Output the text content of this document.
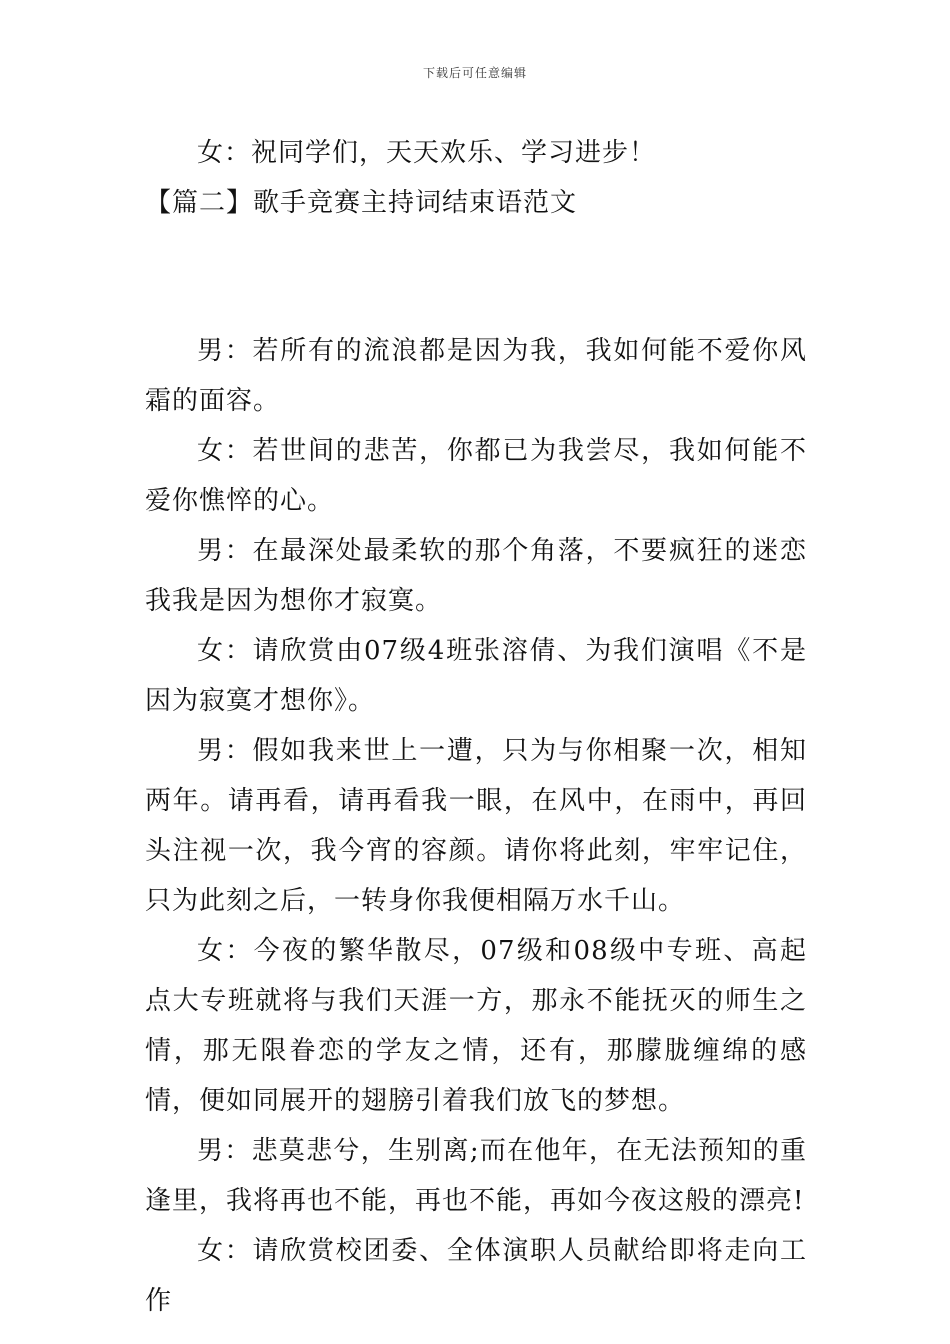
下载后可任意编辑

女：祝同学们，天天欢乐、学习进步！

【篇二】歌手竞赛主持词结束语范文

男：若所有的流浪都是因为我，我如何能不爱你风霜的面容。

女：若世间的悲苦，你都已为我尝尽，我如何能不爱你憔悴的心。

男：在最深处最柔软的那个角落，不要疯狂的迷恋我我是因为想你才寂寞。

女：请欣赏由07级4班张溶倩、为我们演唱《不是因为寂寞才想你》。

男：假如我来世上一遭，只为与你相聚一次，相知两年。请再看，请再看我一眼，在风中，在雨中，再回头注视一次，我今宵的容颜。请你将此刻，牢牢记住，只为此刻之后，一转身你我便相隔万水千山。

女：今夜的繁华散尽，07级和08级中专班、高起点大专班就将与我们天涯一方，那永不能抚灭的师生之情，那无限眷恋的学友之情，还有，那朦胧缠绵的感情，便如同展开的翅膀引着我们放飞的梦想。

男：悲莫悲兮，生别离;而在他年，在无法预知的重逢里，我将再也不能，再也不能，再如今夜这般的漂亮!

女：请欣赏校团委、全体演职人员献给即将走向工作
